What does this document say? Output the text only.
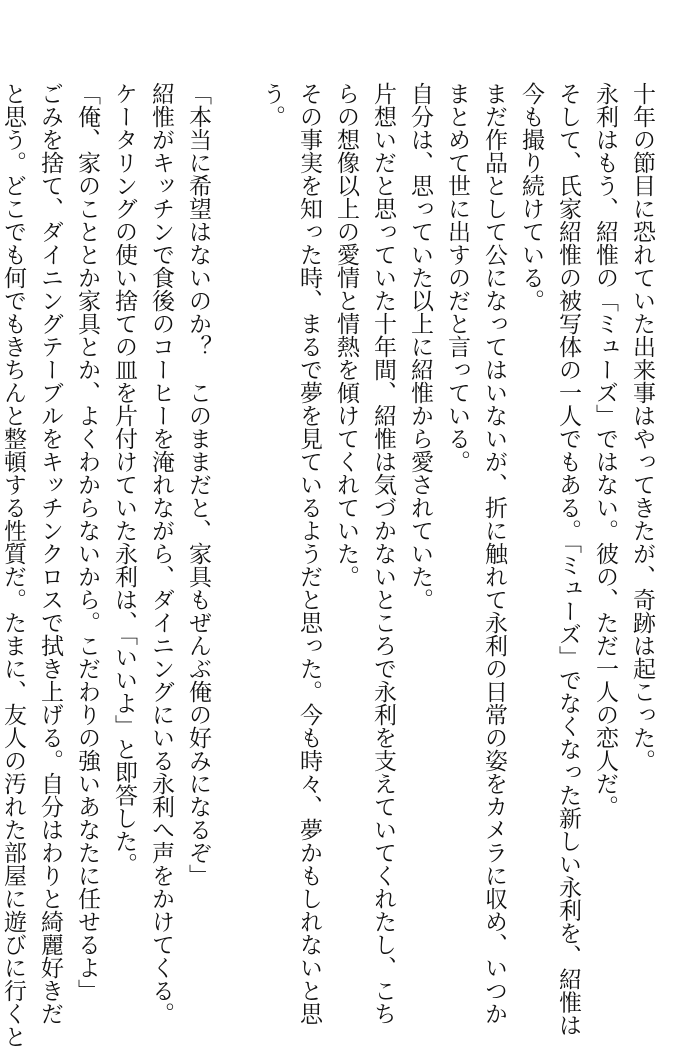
十年の節目に恐れていた出来事はやってきたが、奇跡は起こった。

永利はもう、紹惟の「ミューズ」ではない。彼の、ただ一人の恋人だ。

そして、氏家紹惟の被写体の一人でもある。「ミューズ」でなくなった新しい永利を、紹惟は

今も撮り続けている。

まだ作品として公になってはいないが、折に触れて永利の日常の姿をカメラに収め、いつか

まとめて世に出すのだと言っている。

自分は、思っていた以上に紹惟から愛されていた。

片想いだと思っていた十年間、紹惟は気づかないところで永利を支えていてくれたし、こち

らの想像以上の愛情と情熱を傾けてくれていた。

その事実を知った時、まるで夢を見ているようだと思った。今も時々、夢かもしれないと思

う。

「本当に希望はないのか？　このままだと、家具もぜんぶ俺の好みになるぞ」

紹惟がキッチンで食後のコーヒーを淹れながら、ダイニングにいる永利へ声をかけてくる。

ケータリングの使い捨ての皿を片付けていた永利は、「いいよ」と即答した。

「俺、家のこととか家具とか、よくわからないから。こだわりの強いあなたに任せるよ」

ごみを捨て、ダイニングテーブルをキッチンクロスで拭き上げる。自分はわりと綺麗好きだ

と思う。どこでも何でもきちんと整頓する性質だ。たまに、友人の汚れた部屋に遊びに行くと
